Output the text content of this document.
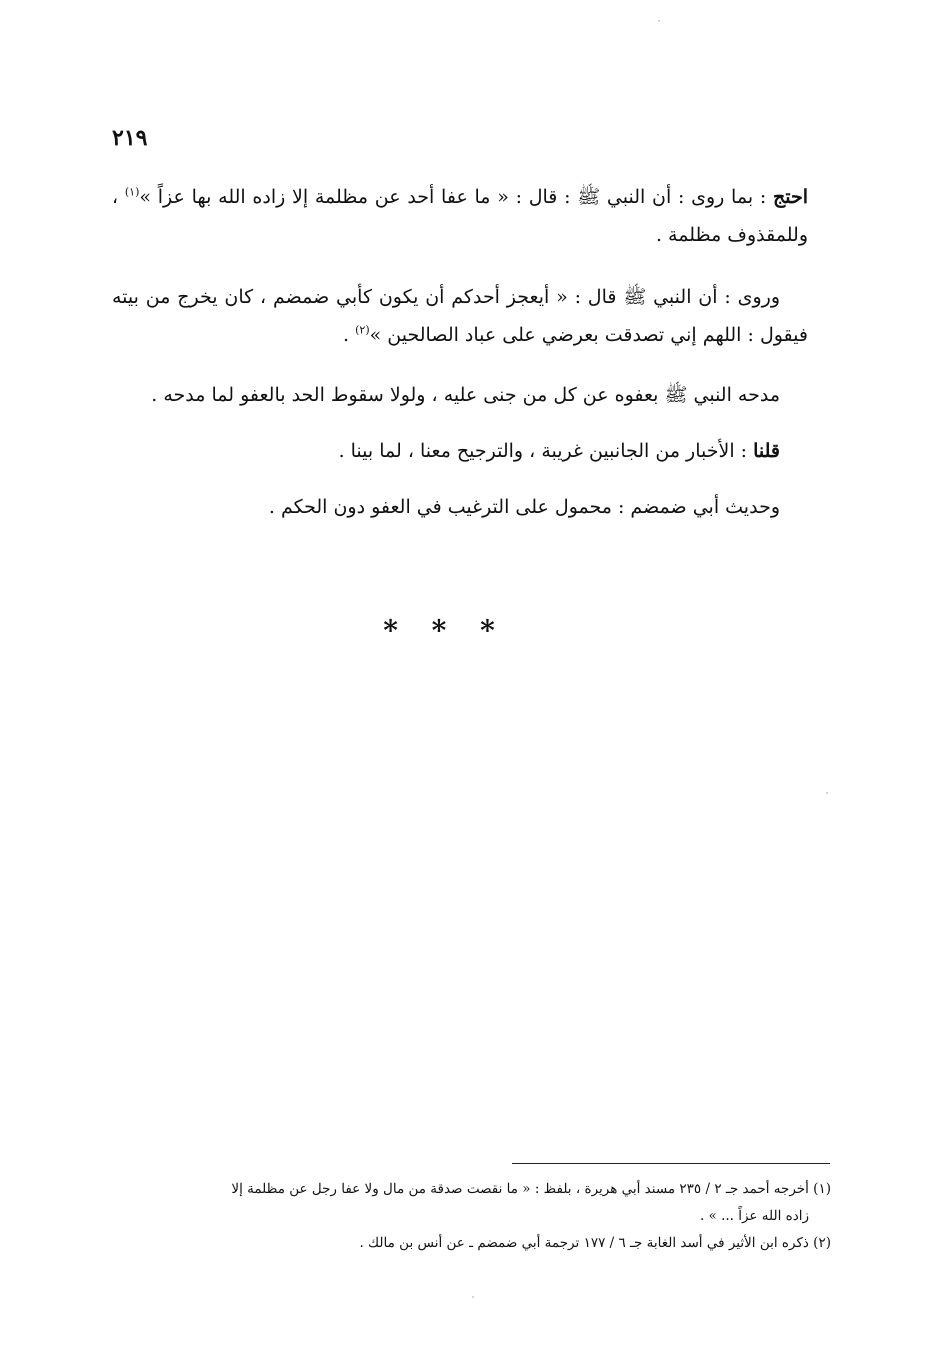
٢١٩
احتج : بما روى : أن النبي ﷺ : قال : « ما عفا أحد عن مظلمة إلا زاده الله بها عزاً »$^{(١)}$ ، وللمقذوف مظلمة .
وروى : أن النبي ﷺ قال : « أيعجز أحدكم أن يكون كأبي ضمضم ، كان يخرج من بيته فيقول : اللهم إني تصدقت بعرضي على عباد الصالحين »$^{(٢)}$ .
مدحه النبي ﷺ بعفوه عن كل من جنى عليه ، ولولا سقوط الحد بالعفو لما مدحه .
قلنا : الأخبار من الجانبين غريبة ، والترجيح معنا ، لما بينا .
وحديث أبي ضمضم : محمول على الترغيب في العفو دون الحكم .
* * *

(١) أخرجه أحمد جـ ٢ / ٢٣٥ مسند أبي هريرة ، بلفظ : « ما نقصت صدقة من مال ولا عفا رجل عن مظلمة إلا

زاده الله عزاً ... » .

(٢) ذكره ابن الأثير في أسد الغابة جـ ٦ / ١٧٧ ترجمة أبي ضمضم ـ عن أنس بن مالك .
